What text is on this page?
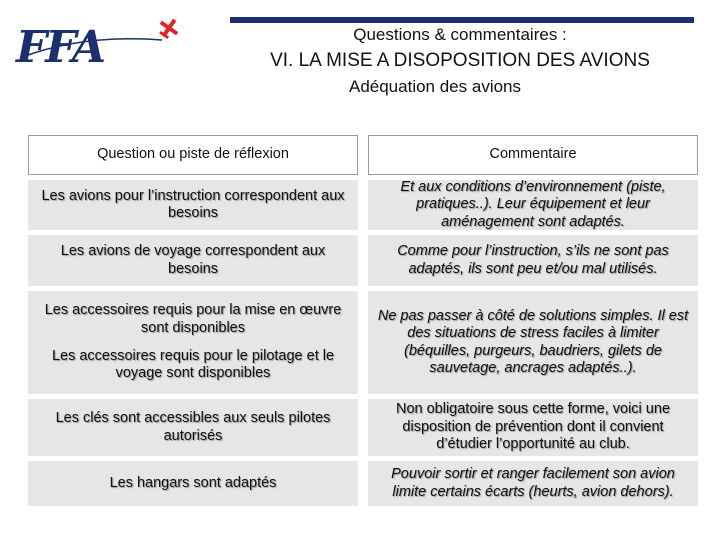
FFA	Questions & commentaires :
VI. LA MISE A DISOPOSITION DES AVIONS
Adéquation des avions
Question ou piste de réflexion	Commentaire
Les avions pour l’instruction correspondent aux besoins
Et aux conditions d’environnement (piste, pratiques..). Leur équipement et leur aménagement sont adaptés.
Les avions de voyage correspondent aux besoins
Comme pour l’instruction, s’ils ne sont pas adaptés, ils sont peu et/ou mal utilisés.
Les accessoires requis pour la mise en œuvre sont disponibles
Les accessoires requis pour le pilotage et le voyage sont disponibles
Ne pas passer à côté de solutions simples. Il est des situations de stress faciles à limiter (béquilles, purgeurs, baudriers, gilets de sauvetage, ancrages adaptés..).
Les clés sont accessibles aux seuls pilotes autorisés
Non obligatoire sous cette forme, voici une disposition de prévention dont il convient d’étudier l’opportunité au club.
Les hangars sont adaptés
Pouvoir sortir et ranger facilement son avion limite certains écarts (heurts, avion dehors).
